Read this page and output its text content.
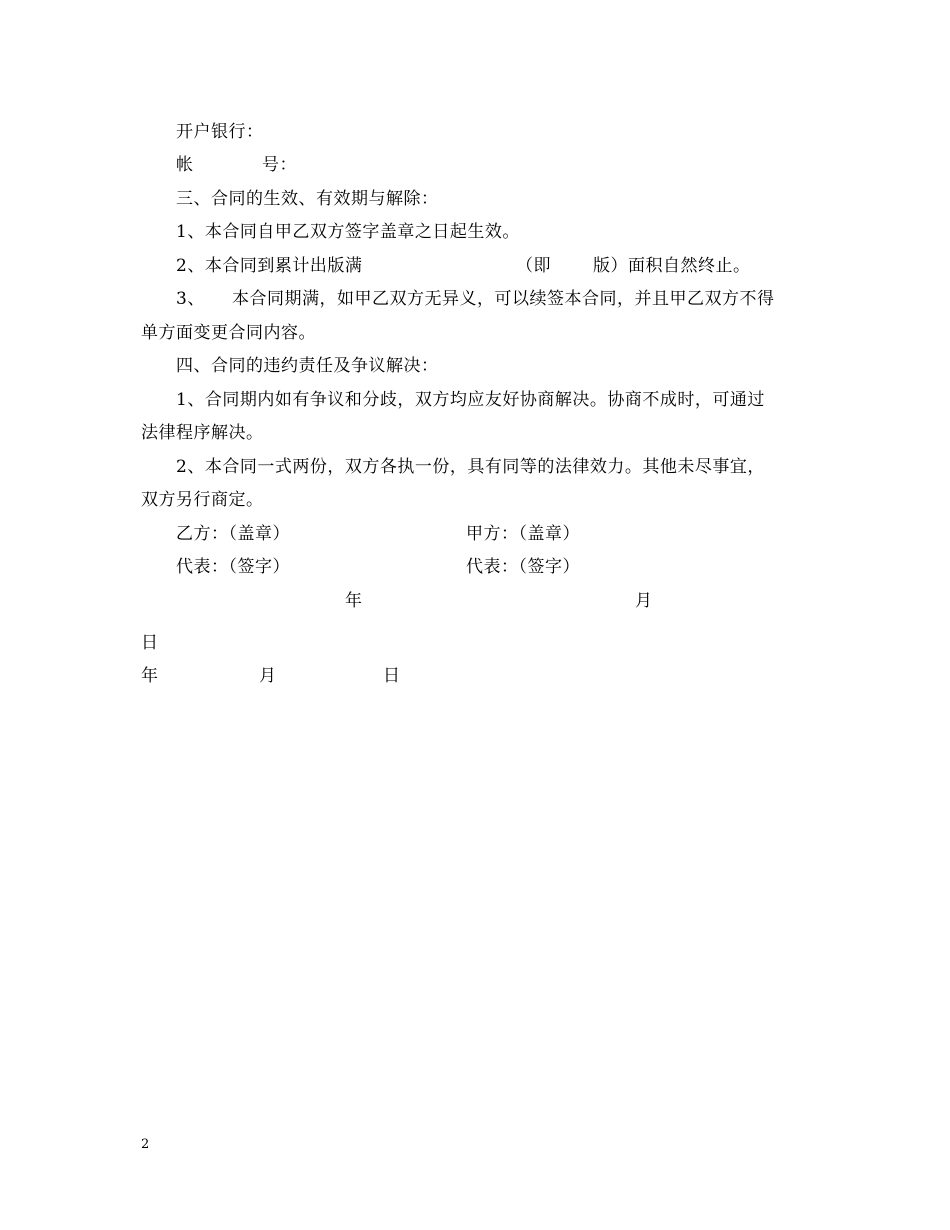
开户银行：
帐	号：
三、合同的生效、有效期与解除：
1、本合同自甲乙双方签字盖章之日起生效。
2、本合同到累计出版满	（即 版）面积自然终止。
3、 本合同期满，如甲乙双方无异义，可以续签本合同，并且甲乙双方不得
单方面变更合同内容。
四、合同的违约责任及争议解决：
1、合同期内如有争议和分歧，双方均应友好协商解决。协商不成时，可通过
法律程序解决。
2、本合同一式两份，双方各执一份，具有同等的法律效力。其他未尽事宜，
双方另行商定。
乙方：（盖章）	甲方：（盖章）
代表：（签字）	代表：（签字）
年	月
日
年	月	日
2
